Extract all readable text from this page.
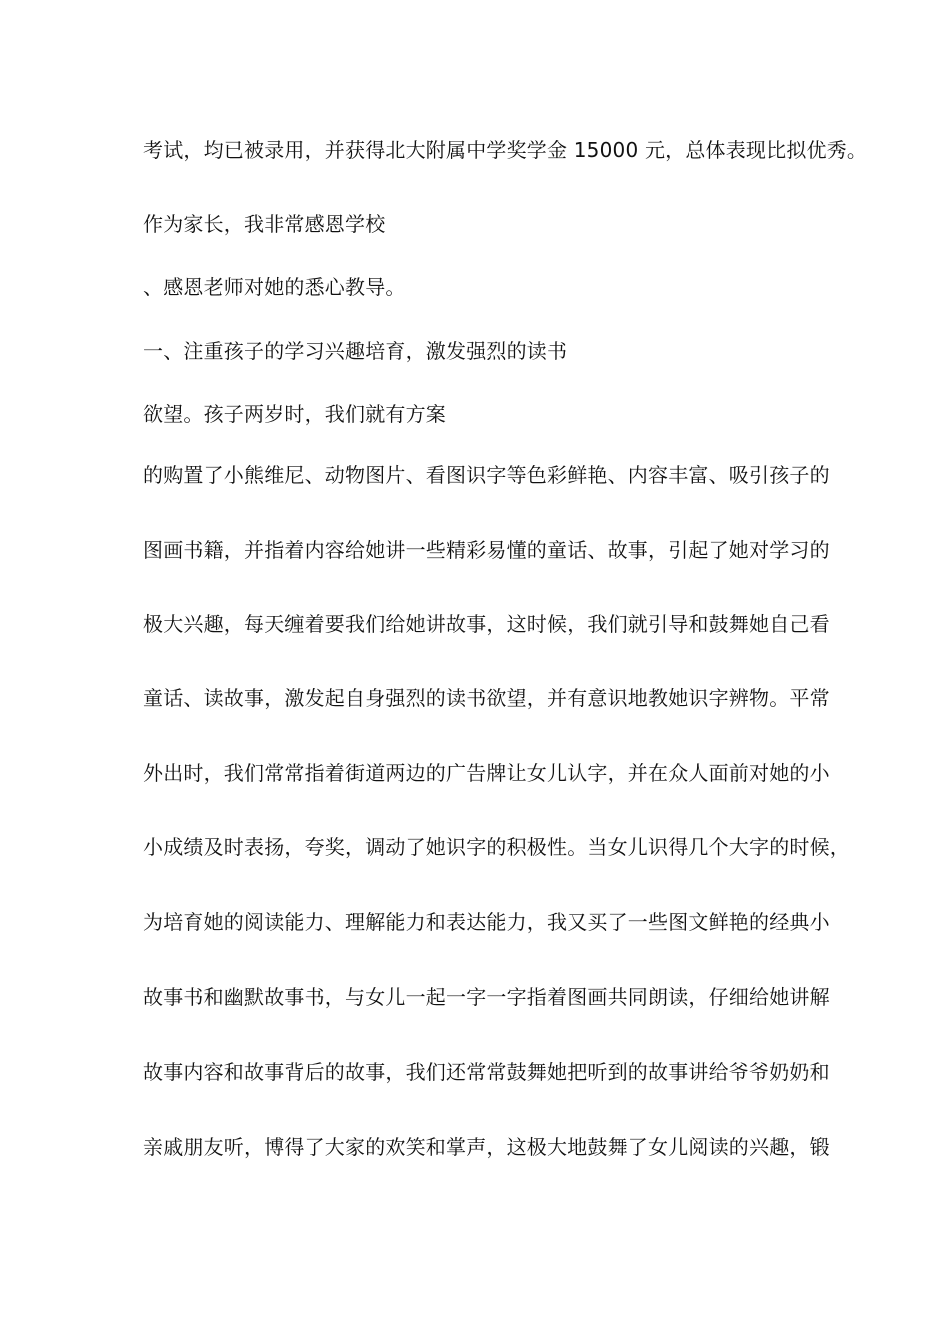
考试，均已被录用，并获得北大附属中学奖学金 15000 元，总体表现比拟优秀。
作为家长，我非常感恩学校
、感恩老师对她的悉心教导。
一、注重孩子的学习兴趣培育，激发强烈的读书
欲望。孩子两岁时，我们就有方案
的购置了小熊维尼、动物图片、看图识字等色彩鲜艳、内容丰富、吸引孩子的
图画书籍，并指着内容给她讲一些精彩易懂的童话、故事，引起了她对学习的
极大兴趣，每天缠着要我们给她讲故事，这时候，我们就引导和鼓舞她自己看
童话、读故事，激发起自身强烈的读书欲望，并有意识地教她识字辨物。平常
外出时，我们常常指着街道两边的广告牌让女儿认字，并在众人面前对她的小
小成绩及时表扬，夸奖，调动了她识字的积极性。当女儿识得几个大字的时候，
为培育她的阅读能力、理解能力和表达能力，我又买了一些图文鲜艳的经典小
故事书和幽默故事书，与女儿一起一字一字指着图画共同朗读，仔细给她讲解
故事内容和故事背后的故事，我们还常常鼓舞她把听到的故事讲给爷爷奶奶和
亲戚朋友听，博得了大家的欢笑和掌声，这极大地鼓舞了女儿阅读的兴趣，锻
